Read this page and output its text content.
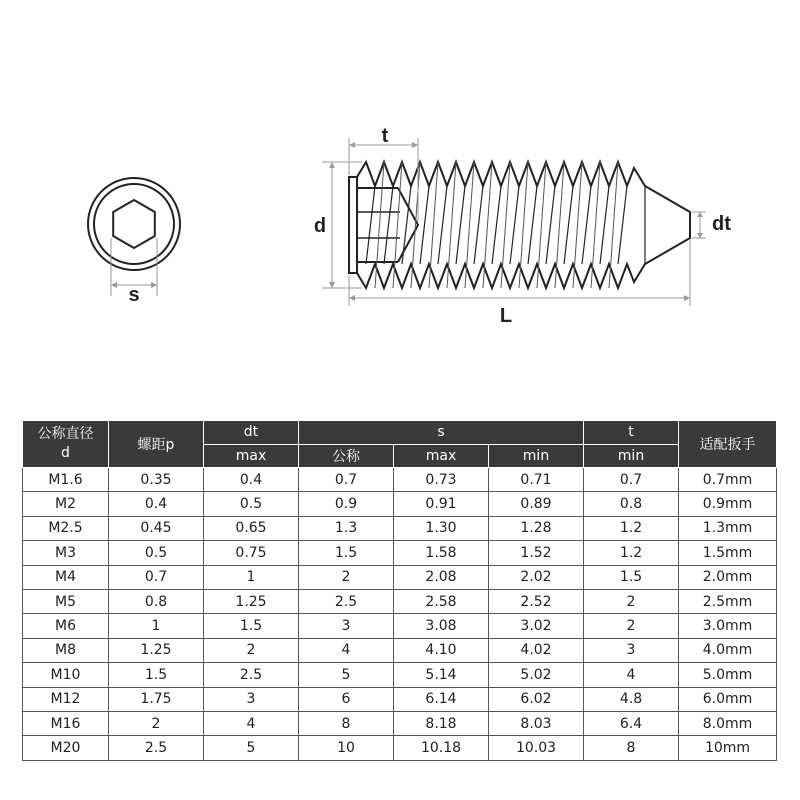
s
t
d	dt
L
公称直径
d	螺距p	dt	s			t	适配扳手
		max	公称	max	min	min	
M1.6	0.35	0.4	0.7	0.73	0.71	0.7	0.7mm
M2	0.4	0.5	0.9	0.91	0.89	0.8	0.9mm
M2.5	0.45	0.65	1.3	1.30	1.28	1.2	1.3mm
M3	0.5	0.75	1.5	1.58	1.52	1.2	1.5mm
M4	0.7	1	2	2.08	2.02	1.5	2.0mm
M5	0.8	1.25	2.5	2.58	2.52	2	2.5mm
M6	1	1.5	3	3.08	3.02	2	3.0mm
M8	1.25	2	4	4.10	4.02	3	4.0mm
M10	1.5	2.5	5	5.14	5.02	4	5.0mm
M12	1.75	3	6	6.14	6.02	4.8	6.0mm
M16	2	4	8	8.18	8.03	6.4	8.0mm
M20	2.5	5	10	10.18	10.03	8	10mm
